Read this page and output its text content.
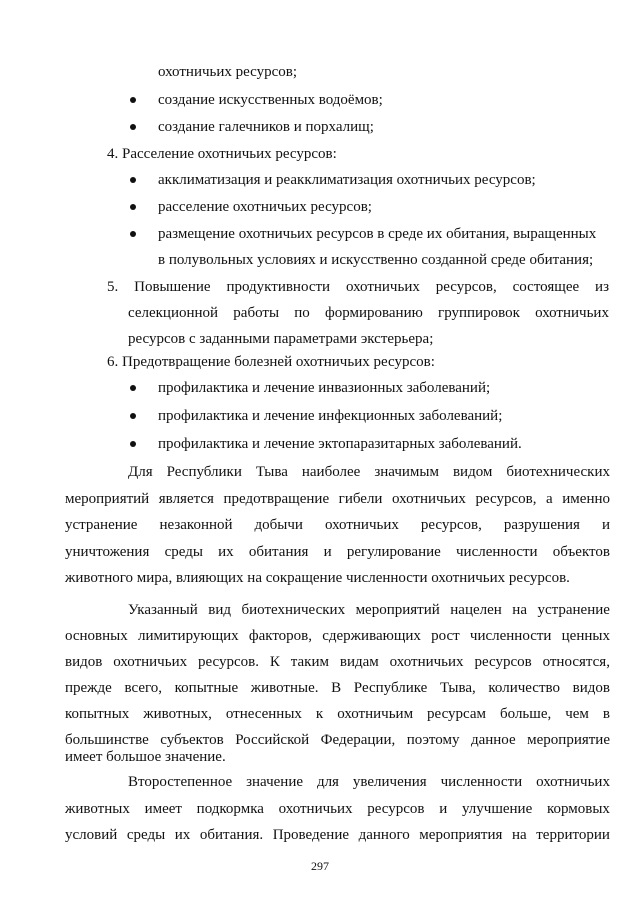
охотничьих ресурсов;
создание искусственных водоёмов;
создание галечников и порхалищ;
4. Расселение охотничьих ресурсов:
акклиматизация и реакклиматизация охотничьих ресурсов;
расселение охотничьих ресурсов;
размещение охотничьих ресурсов в среде их обитания, выращенных
в полувольных условиях и искусственно созданной среде обитания;
5. Повышение продуктивности охотничьих ресурсов, состоящее из
селекционной работы по формированию группировок охотничьих
ресурсов с заданными параметрами экстерьера;
6. Предотвращение болезней охотничьих ресурсов:
профилактика и лечение инвазионных заболеваний;
профилактика и лечение инфекционных заболеваний;
профилактика и лечение эктопаразитарных заболеваний.
Для Республики Тыва наиболее значимым видом биотехнических
мероприятий является предотвращение гибели охотничьих ресурсов, а именно
устранение незаконной добычи охотничьих ресурсов, разрушения и
уничтожения среды их обитания и регулирование численности объектов
животного мира, влияющих на сокращение численности охотничьих ресурсов.
Указанный вид биотехнических мероприятий нацелен на устранение
основных лимитирующих факторов, сдерживающих рост численности ценных
видов охотничьих ресурсов. К таким видам охотничьих ресурсов относятся,
прежде всего, копытные животные. В Республике Тыва, количество видов
копытных животных, отнесенных к охотничьим ресурсам больше, чем в
большинстве субъектов Российской Федерации, поэтому данное мероприятие
имеет большое значение.
Второстепенное значение для увеличения численности охотничьих
животных имеет подкормка охотничьих ресурсов и улучшение кормовых
условий среды их обитания. Проведение данного мероприятия на территории
297
